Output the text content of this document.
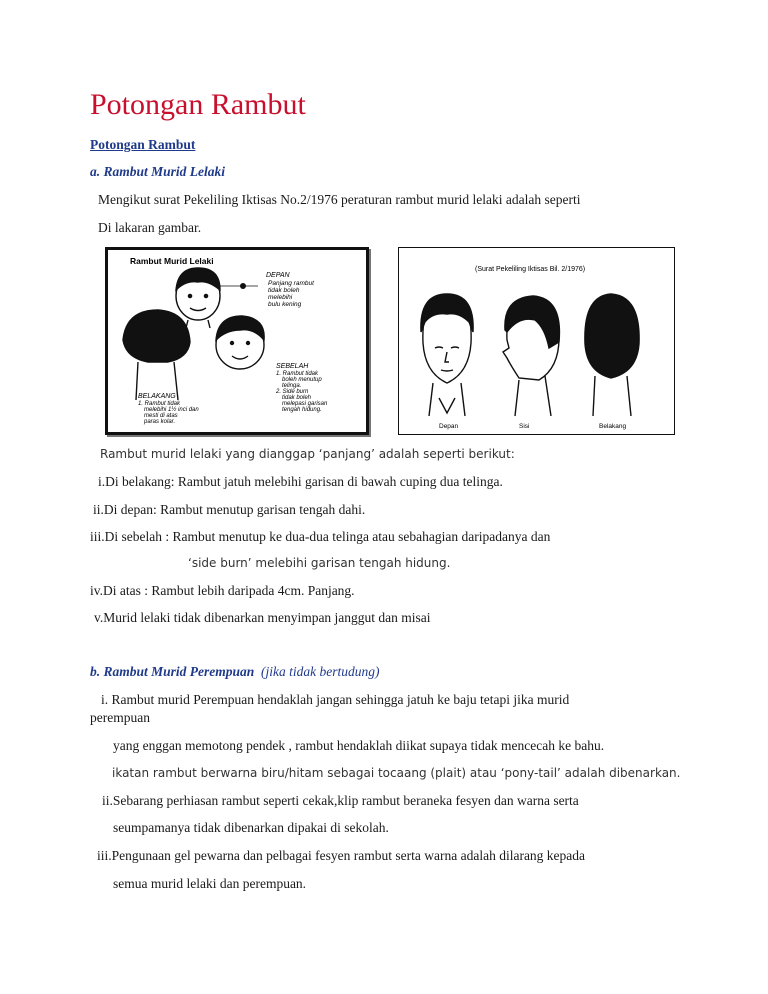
Potongan Rambut
Potongan Rambut
a. Rambut Murid Lelaki
Mengikut surat Pekeliling Iktisas No.2/1976 peraturan rambut murid lelaki adalah seperti
Di lakaran gambar.
Rambut Murid Lelaki
DEPAN
Panjang rambut tidak boleh melebihi bulu kening
SEBELAH
1. Rambut tidak boleh menutup telinga. 2. Side burn tidak boleh melepasi garisan tengah hidung.
BELAKANG
1. Rambut tidak melebihi 1½ inci dan mesti di atas paras kolar.
(Surat Pekeliling Iktisas Bil. 2/1976)
Depan	Sisi	Belakang
Rambut murid lelaki yang dianggap ‘panjang’ adalah seperti berikut:
i.Di belakang: Rambut jatuh melebihi garisan di bawah cuping dua telinga.
ii.Di depan: Rambut menutup garisan tengah dahi.
iii.Di sebelah : Rambut menutup ke dua-dua telinga atau sebahagian daripadanya dan
‘side burn’ melebihi garisan tengah hidung.
iv.Di atas : Rambut lebih daripada 4cm. Panjang.
v.Murid lelaki tidak dibenarkan menyimpan janggut dan misai
b. Rambut Murid Perempuan (jika tidak bertudung)
i. Rambut murid Perempuan hendaklah jangan sehingga jatuh ke baju tetapi jika murid
perempuan
yang enggan memotong pendek , rambut hendaklah diikat supaya tidak mencecah ke bahu.
ikatan rambut berwarna biru/hitam sebagai tocaang (plait) atau ‘pony-tail’ adalah dibenarkan.
ii.Sebarang perhiasan rambut seperti cekak,klip rambut beraneka fesyen dan warna serta
seumpamanya tidak dibenarkan dipakai di sekolah.
iii.Pengunaan gel pewarna dan pelbagai fesyen rambut serta warna adalah dilarang kepada
semua murid lelaki dan perempuan.
